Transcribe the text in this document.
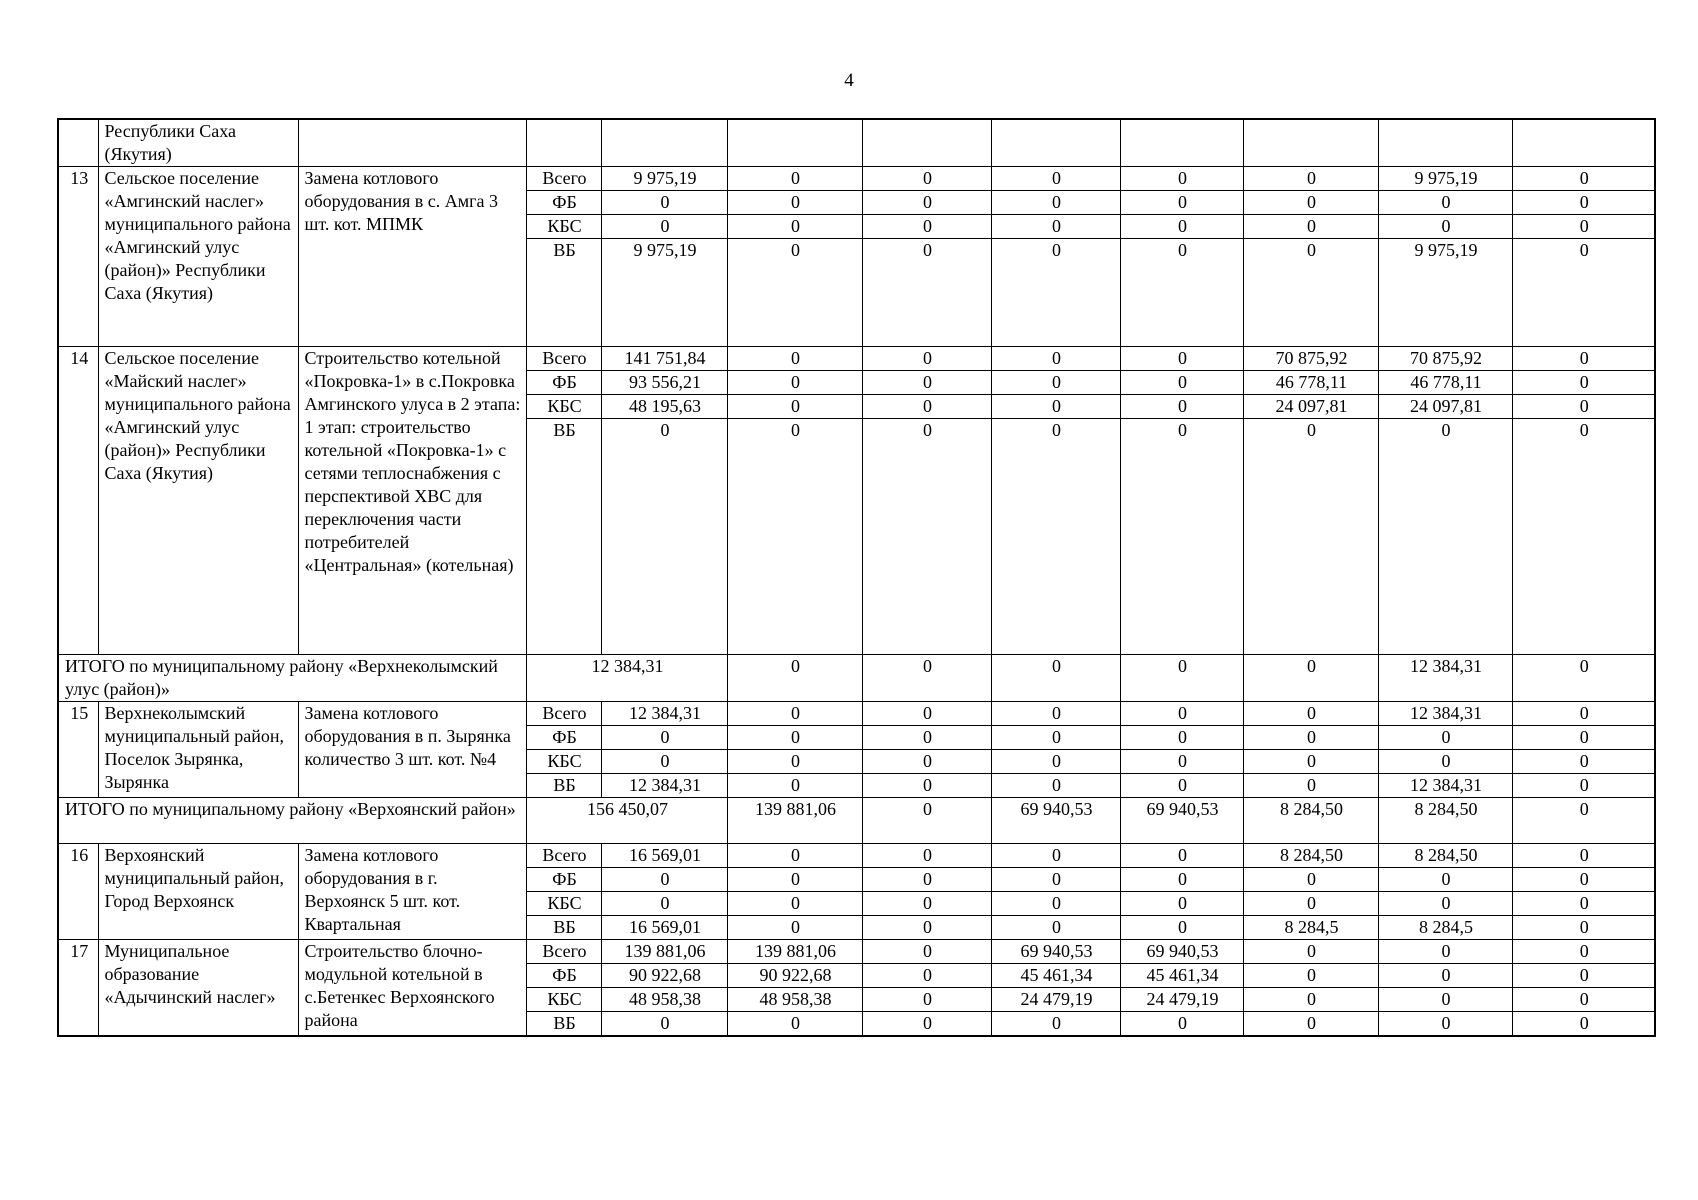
4
	Республики Саха (Якутия)										
13	Сельское поселение «Амгинский наслег» муниципального района «Амгинский улус (район)» Республики Саха (Якутия)	Замена котлового оборудования в с. Амга 3 шт. кот. МПМК	Всего	9 975,19	0	0	0	0	0	9 975,19	0
			ФБ	0	0	0	0	0	0	0	0
			КБС	0	0	0	0	0	0	0	0
			ВБ	9 975,19	0	0	0	0	0	9 975,19	0
14	Сельское поселение «Майский наслег» муниципального района «Амгинский улус (район)» Республики Саха (Якутия)	Строительство котельной «Покровка-1» в с.Покровка Амгинского улуса в 2 этапа: 1 этап: строительство котельной «Покровка-1» с сетями теплоснабжения с перспективой ХВС для переключения части потребителей «Центральная» (котельная)	Всего	141 751,84	0	0	0	0	70 875,92	70 875,92	0
			ФБ	93 556,21	0	0	0	0	46 778,11	46 778,11	0
			КБС	48 195,63	0	0	0	0	24 097,81	24 097,81	0
			ВБ	0	0	0	0	0	0	0	0
ИТОГО по муниципальному району «Верхнеколымский улус (район)»			12 384,31		0	0	0	0	0	12 384,31	0
15	Верхнеколымский муниципальный район, Поселок Зырянка, Зырянка	Замена котлового оборудования в п. Зырянка количество 3 шт. кот. №4	Всего	12 384,31	0	0	0	0	0	12 384,31	0
			ФБ	0	0	0	0	0	0	0	0
			КБС	0	0	0	0	0	0	0	0
			ВБ	12 384,31	0	0	0	0	0	12 384,31	0
ИТОГО по муниципальному району «Верхоянский район»			156 450,07		139 881,06	0	69 940,53	69 940,53	8 284,50	8 284,50	0
16	Верхоянский муниципальный район, Город Верхоянск	Замена котлового оборудования в г. Верхоянск 5 шт. кот. Квартальная	Всего	16 569,01	0	0	0	0	8 284,50	8 284,50	0
			ФБ	0	0	0	0	0	0	0	0
			КБС	0	0	0	0	0	0	0	0
			ВБ	16 569,01	0	0	0	0	8 284,5	8 284,5	0
17	Муниципальное образование «Адычинский наслег»	Строительство блочно-модульной котельной в с.Бетенкес Верхоянского района	Всего	139 881,06	139 881,06	0	69 940,53	69 940,53	0	0	0
			ФБ	90 922,68	90 922,68	0	45 461,34	45 461,34	0	0	0
			КБС	48 958,38	48 958,38	0	24 479,19	24 479,19	0	0	0
			ВБ	0	0	0	0	0	0	0	0
